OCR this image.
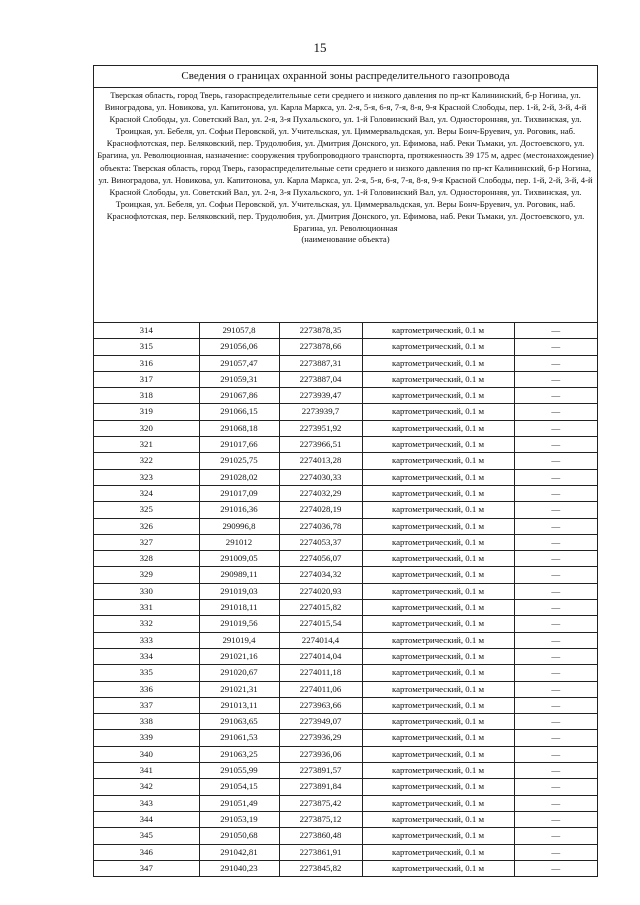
15
Сведения о границах охранной зоны распределительного газопровода
Тверская область, город Тверь, газораспределительные сети среднего и низкого давления по пр-кт Калининский, б-р Ногина, ул. Виноградова, ул. Новикова, ул. Капитонова, ул. Карла Маркса, ул. 2-я, 5-я, 6-я, 7-я, 8-я, 9-я Красной Слободы, пер. 1-й, 2-й, 3-й, 4-й Красной Слободы, ул. Советский Вал, ул. 2-я, 3-я Пухальского, ул. 1-й Головинский Вал, ул. Односторонняя, ул. Тихвинская, ул. Троицкая, ул. Бебеля, ул. Софьи Перовской, ул. Учительская, ул. Циммервальдская, ул. Веры Бонч-Бруевич, ул. Роговик, наб. Краснофлотская, пер. Беляковский, пер. Трудолюбия, ул. Дмитрия Донского, ул. Ефимова, наб. Реки Тьмаки, ул. Достоевского, ул. Брагина, ул. Революционная, назначение: сооружения трубопроводного транспорта, протяженность 39 175 м, адрес (местонахождение) объекта: Тверская область, город Тверь, газораспределительные сети среднего и низкого давления по пр-кт Калининский, б-р Ногина, ул. Виноградова, ул. Новикова, ул. Капитонова, ул. Карла Маркса, ул. 2-я, 5-я, 6-я, 7-я, 8-я, 9-я Красной Слободы, пер. 1-й, 2-й, 3-й, 4-й Красной Слободы, ул. Советский Вал, ул. 2-я, 3-я Пухальского, ул. 1-й Головинский Вал, ул. Односторонняя, ул. Тихвинская, ул. Троицкая, ул. Бебеля, ул. Софьи Перовской, ул. Учительская, ул. Циммервальдская, ул. Веры Бонч-Бруевич, ул. Роговик, наб. Краснофлотская, пер. Беляковский, пер. Трудолюбия, ул. Дмитрия Донского, ул. Ефимова, наб. Реки Тьмаки, ул. Достоевского, ул. Брагина, ул. Революционная
(наименование объекта)
314	291057,8	2273878,35	картометрический, 0.1 м	—
315	291056,06	2273878,66	картометрический, 0.1 м	—
316	291057,47	2273887,31	картометрический, 0.1 м	—
317	291059,31	2273887,04	картометрический, 0.1 м	—
318	291067,86	2273939,47	картометрический, 0.1 м	—
319	291066,15	2273939,7	картометрический, 0.1 м	—
320	291068,18	2273951,92	картометрический, 0.1 м	—
321	291017,66	2273966,51	картометрический, 0.1 м	—
322	291025,75	2274013,28	картометрический, 0.1 м	—
323	291028,02	2274030,33	картометрический, 0.1 м	—
324	291017,09	2274032,29	картометрический, 0.1 м	—
325	291016,36	2274028,19	картометрический, 0.1 м	—
326	290996,8	2274036,78	картометрический, 0.1 м	—
327	291012	2274053,37	картометрический, 0.1 м	—
328	291009,05	2274056,07	картометрический, 0.1 м	—
329	290989,11	2274034,32	картометрический, 0.1 м	—
330	291019,03	2274020,93	картометрический, 0.1 м	—
331	291018,11	2274015,82	картометрический, 0.1 м	—
332	291019,56	2274015,54	картометрический, 0.1 м	—
333	291019,4	2274014,4	картометрический, 0.1 м	—
334	291021,16	2274014,04	картометрический, 0.1 м	—
335	291020,67	2274011,18	картометрический, 0.1 м	—
336	291021,31	2274011,06	картометрический, 0.1 м	—
337	291013,11	2273963,66	картометрический, 0.1 м	—
338	291063,65	2273949,07	картометрический, 0.1 м	—
339	291061,53	2273936,29	картометрический, 0.1 м	—
340	291063,25	2273936,06	картометрический, 0.1 м	—
341	291055,99	2273891,57	картометрический, 0.1 м	—
342	291054,15	2273891,84	картометрический, 0.1 м	—
343	291051,49	2273875,42	картометрический, 0.1 м	—
344	291053,19	2273875,12	картометрический, 0.1 м	—
345	291050,68	2273860,48	картометрический, 0.1 м	—
346	291042,81	2273861,91	картометрический, 0.1 м	—
347	291040,23	2273845,82	картометрический, 0.1 м	—
